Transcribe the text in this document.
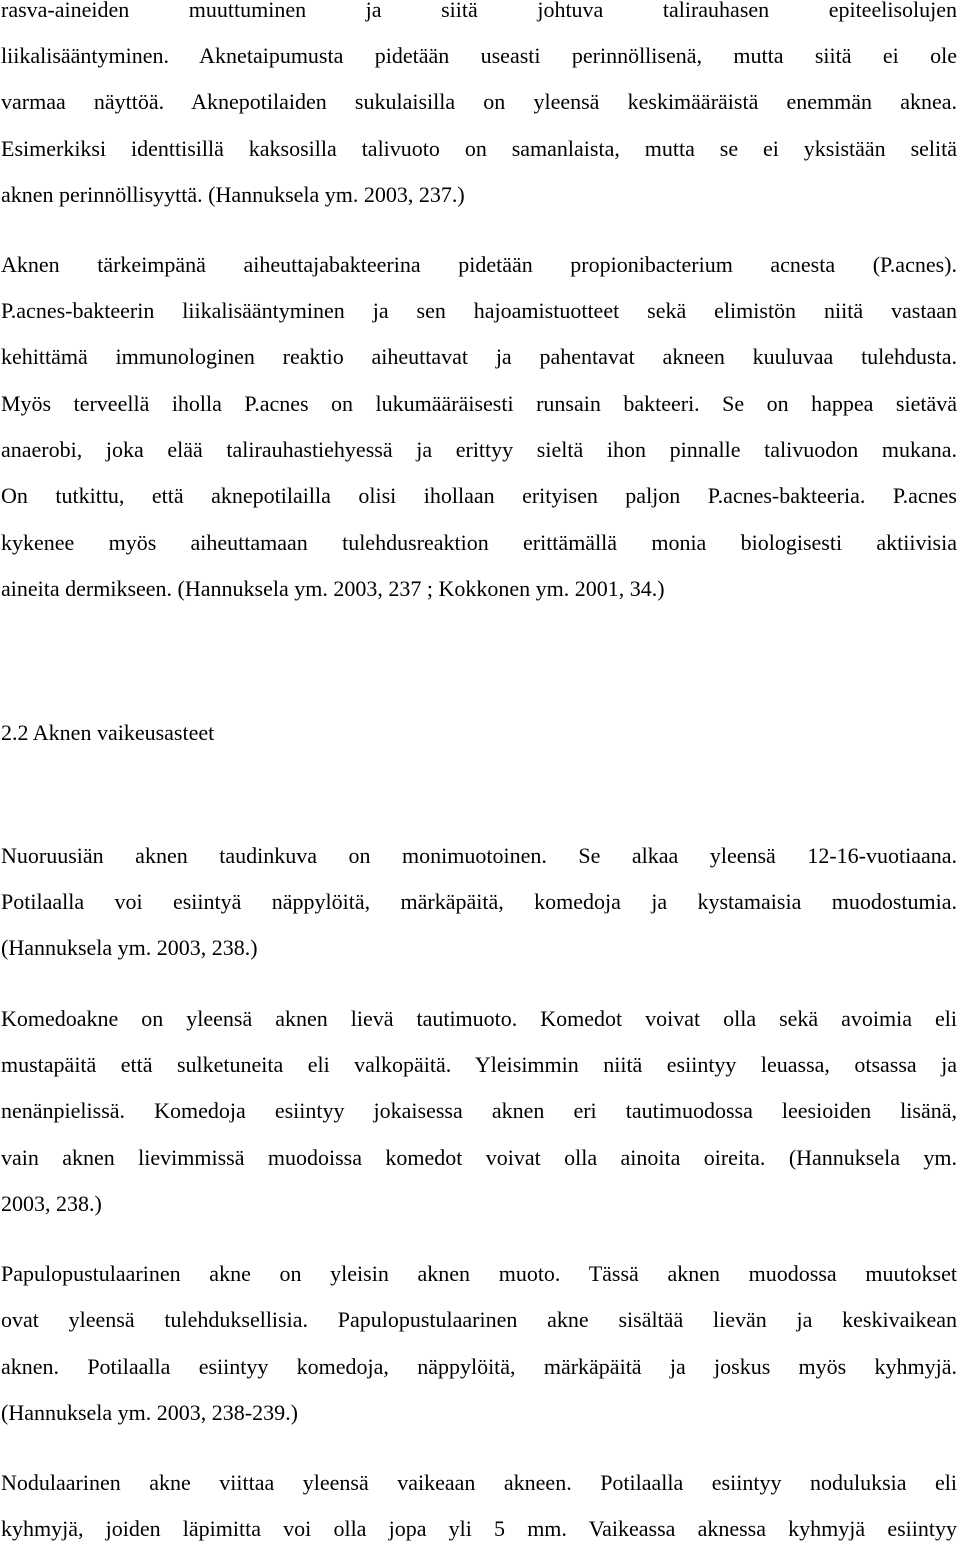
rasva-aineiden muuttuminen ja siitä johtuva talirauhasen epiteelisolujen
liikalisääntyminen. Aknetaipumusta pidetään useasti perinnöllisenä, mutta siitä ei ole
varmaa näyttöä. Aknepotilaiden sukulaisilla on yleensä keskimääräistä enemmän aknea.
Esimerkiksi identtisillä kaksosilla talivuoto on samanlaista, mutta se ei yksistään selitä
aknen perinnöllisyyttä. (Hannuksela ym. 2003, 237.)
Aknen tärkeimpänä aiheuttajabakteerina pidetään propionibacterium acnesta (P.acnes).
P.acnes-bakteerin liikalisääntyminen ja sen hajoamistuotteet sekä elimistön niitä vastaan
kehittämä immunologinen reaktio aiheuttavat ja pahentavat akneen kuuluvaa tulehdusta.
Myös terveellä iholla P.acnes on lukumääräisesti runsain bakteeri. Se on happea sietävä
anaerobi, joka elää talirauhastiehyessä ja erittyy sieltä ihon pinnalle talivuodon mukana.
On tutkittu, että aknepotilailla olisi ihollaan erityisen paljon P.acnes-bakteeria. P.acnes
kykenee myös aiheuttamaan tulehdusreaktion erittämällä monia biologisesti aktiivisia
aineita dermikseen. (Hannuksela ym. 2003, 237 ; Kokkonen ym. 2001, 34.)
2.2 Aknen vaikeusasteet
Nuoruusiän aknen taudinkuva on monimuotoinen. Se alkaa yleensä 12-16-vuotiaana.
Potilaalla voi esiintyä näppylöitä, märkäpäitä, komedoja ja kystamaisia muodostumia.
(Hannuksela ym. 2003, 238.)
Komedoakne on yleensä aknen lievä tautimuoto. Komedot voivat olla sekä avoimia eli
mustapäitä että sulketuneita eli valkopäitä. Yleisimmin niitä esiintyy leuassa, otsassa ja
nenänpielissä. Komedoja esiintyy jokaisessa aknen eri tautimuodossa leesioiden lisänä,
vain aknen lievimmissä muodoissa komedot voivat olla ainoita oireita. (Hannuksela ym.
2003, 238.)
Papulopustulaarinen akne on yleisin aknen muoto. Tässä aknen muodossa muutokset
ovat yleensä tulehduksellisia. Papulopustulaarinen akne sisältää lievän ja keskivaikean
aknen. Potilaalla esiintyy komedoja, näppylöitä, märkäpäitä ja joskus myös kyhmyjä.
(Hannuksela ym. 2003, 238-239.)
Nodulaarinen akne viittaa yleensä vaikeaan akneen. Potilaalla esiintyy noduluksia eli
kyhmyjä, joiden läpimitta voi olla jopa yli 5 mm. Vaikeassa aknessa kyhmyjä esiintyy
